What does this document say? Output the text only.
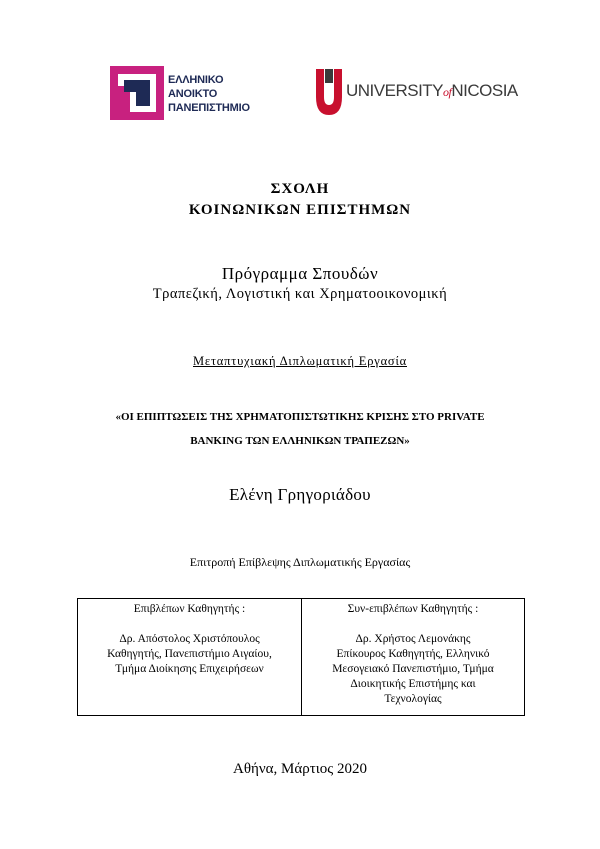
ΕΛΛΗΝΙΚΟ
ΑΝΟΙΚΤΟ
ΠΑΝΕΠΙΣΤΗΜΙΟ
UNIVERSITYofNICOSIA
ΣΧΟΛΗ
ΚΟΙΝΩΝΙΚΩΝ ΕΠΙΣΤΗΜΩΝ
Πρόγραμμα Σπουδών
Τραπεζική, Λογιστική και Χρηματοοικονομική
Μεταπτυχιακή Διπλωματική Εργασία
«ΟΙ ΕΠΙΠΤΩΣΕΙΣ ΤΗΣ ΧΡΗΜΑΤΟΠΙΣΤΩΤΙΚΗΣ ΚΡΙΣΗΣ ΣΤΟ PRIVATE
BANKING ΤΩΝ ΕΛΛΗΝΙΚΩΝ ΤΡΑΠΕΖΩΝ»
Ελένη Γρηγοριάδου
Επιτροπή Επίβλεψης Διπλωματικής Εργασίας
Επιβλέπων Καθηγητής :
Δρ. Απόστολος Χριστόπουλος
Καθηγητής, Πανεπιστήμιο Αιγαίου,
Τμήμα Διοίκησης Επιχειρήσεων
Συν-επιβλέπων Καθηγητής :
Δρ. Χρήστος Λεμονάκης
Επίκουρος Καθηγητής, Ελληνικό
Μεσογειακό Πανεπιστήμιο, Τμήμα
Διοικητικής Επιστήμης και
Τεχνολογίας
Αθήνα, Μάρτιος 2020
